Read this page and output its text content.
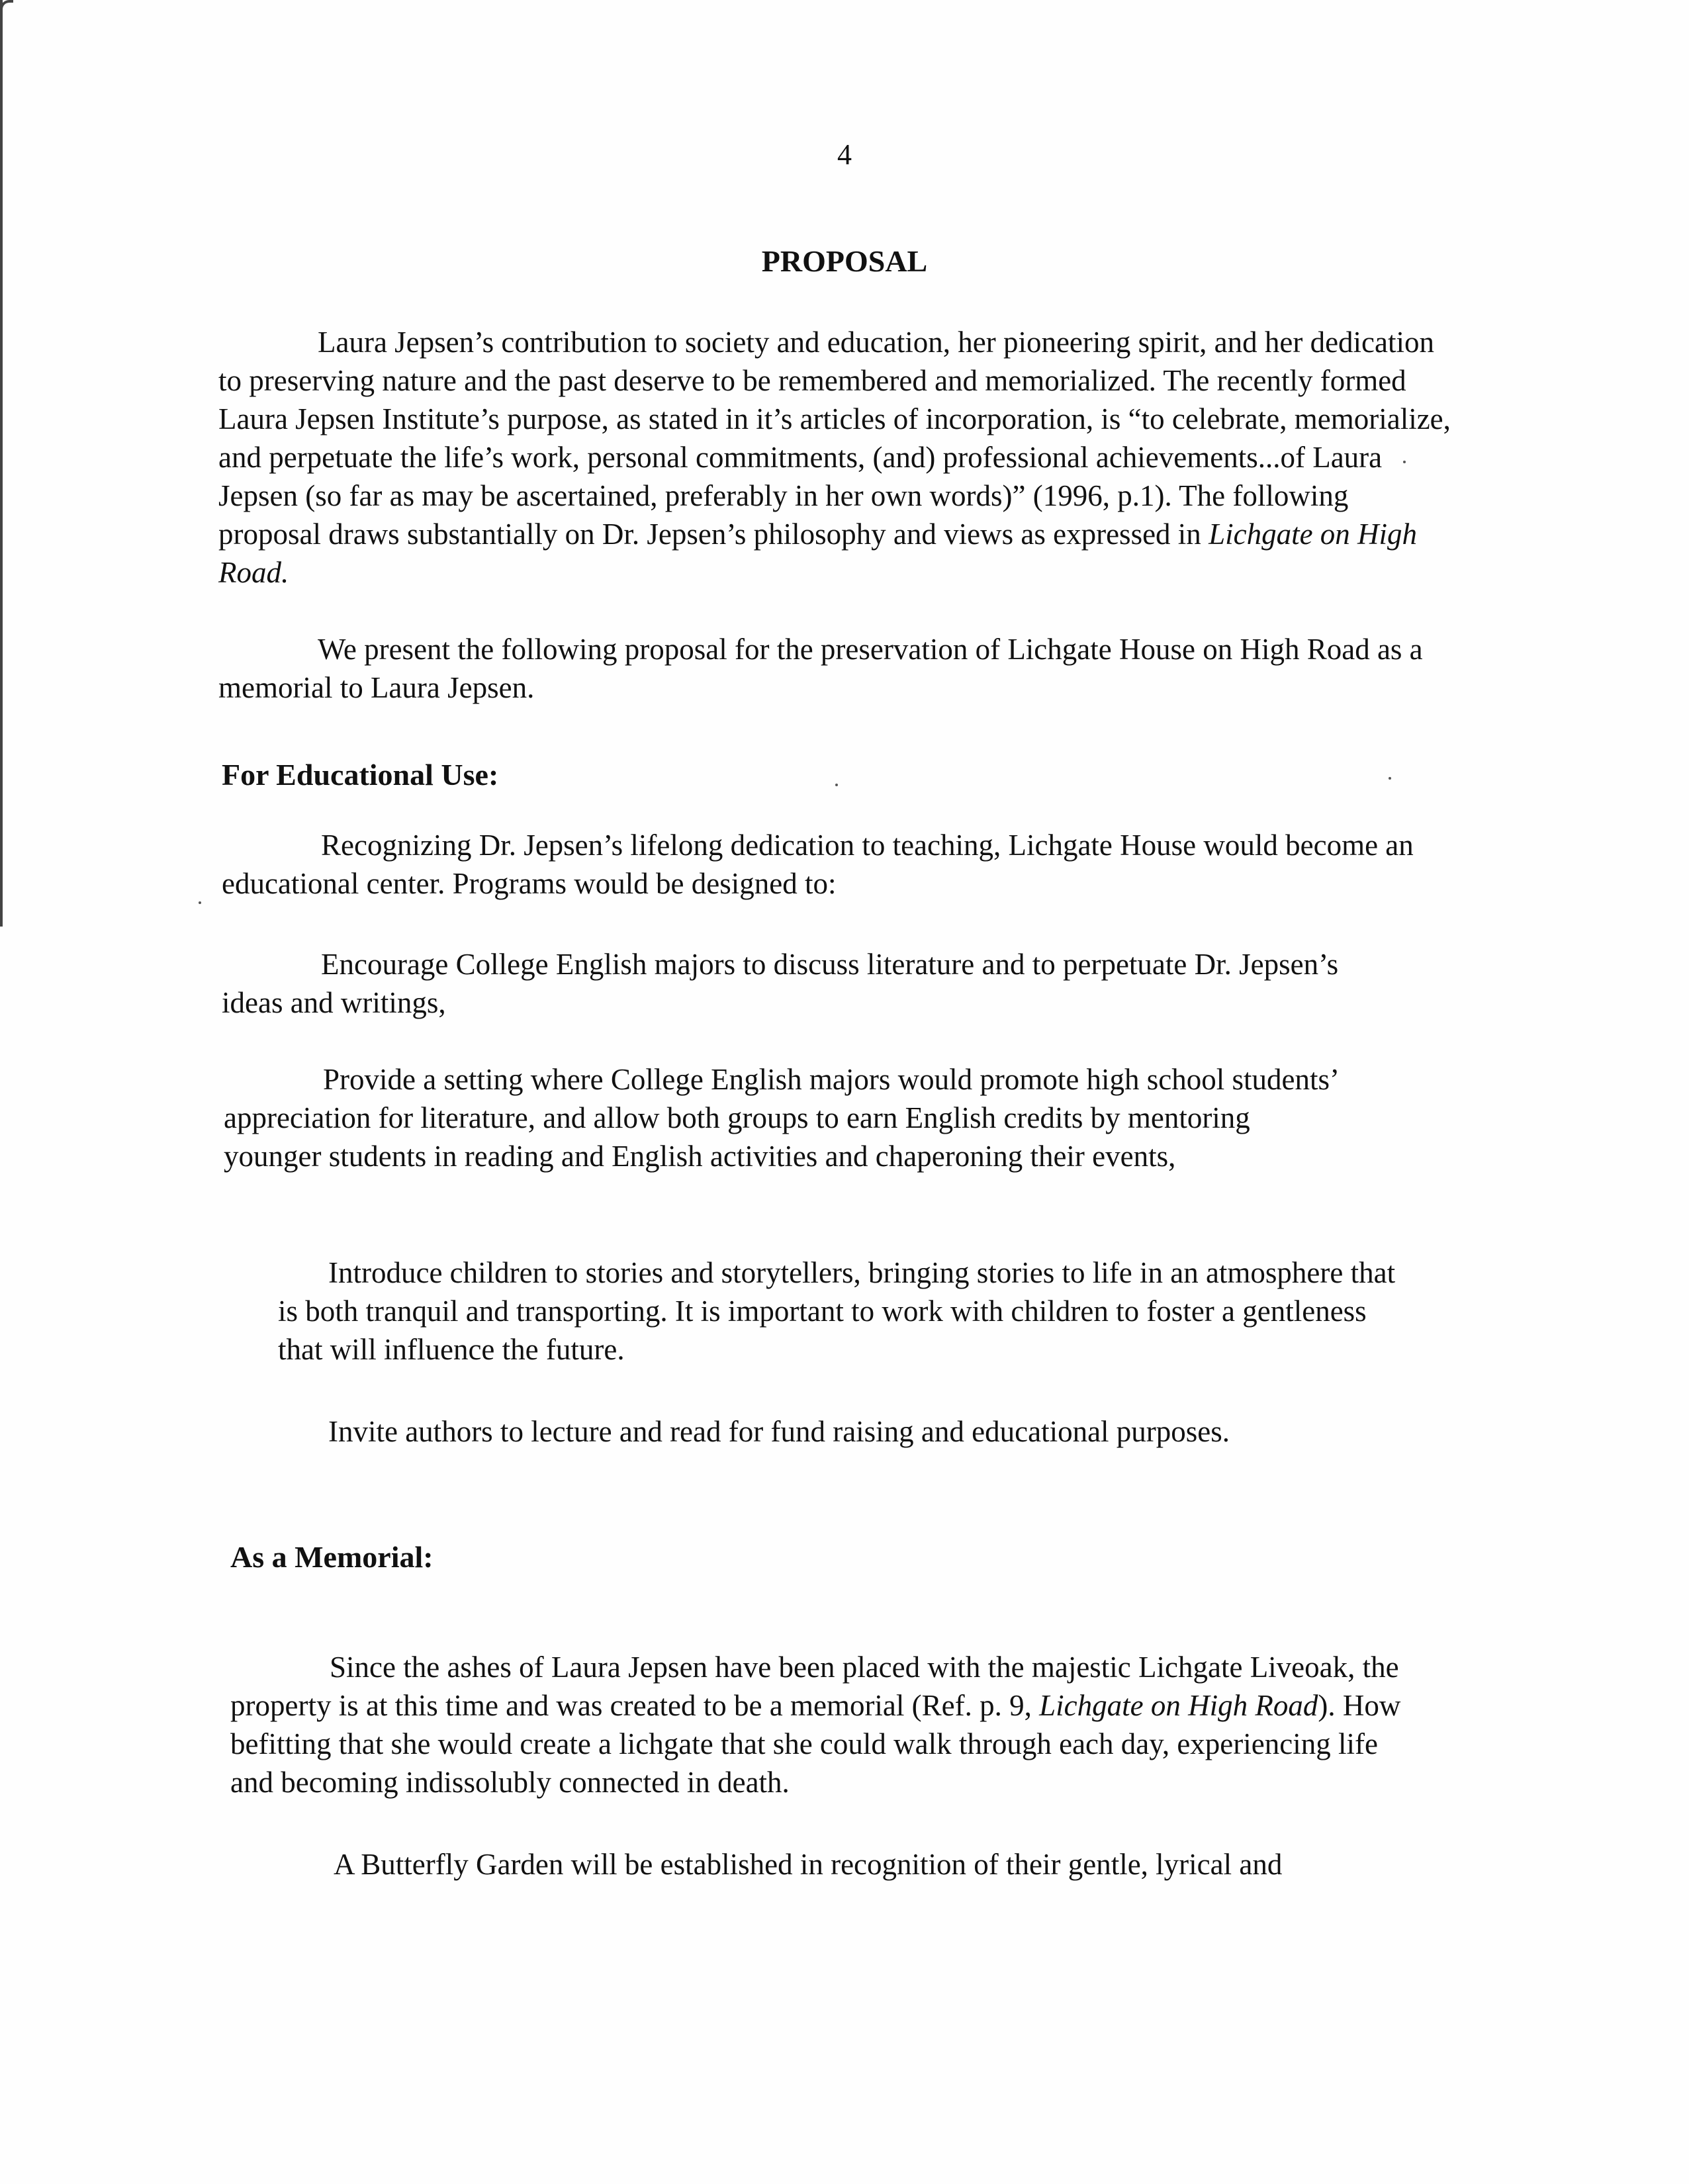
4
PROPOSAL

Laura Jepsen’s contribution to society and education, her pioneering spirit, and her dedication to preserving nature and the past deserve to be remembered and memorialized. The recently formed Laura Jepsen Institute’s purpose, as stated in it’s articles of incorporation, is “to celebrate, memorialize, and perpetuate the life’s work, personal commitments, (and) professional achievements...of Laura Jepsen (so far as may be ascertained, preferably in her own words)” (1996, p.1). The following proposal draws substantially on Dr. Jepsen’s philosophy and views as expressed in Lichgate on High Road.

We present the following proposal for the preservation of Lichgate House on High Road as a memorial to Laura Jepsen.

For Educational Use:

Recognizing Dr. Jepsen’s lifelong dedication to teaching, Lichgate House would become an educational center. Programs would be designed to:

Encourage College English majors to discuss literature and to perpetuate Dr. Jepsen’s ideas and writings,

Provide a setting where College English majors would promote high school students’ appreciation for literature, and allow both groups to earn English credits by mentoring younger students in reading and English activities and chaperoning their events,

Introduce children to stories and storytellers, bringing stories to life in an atmosphere that is both tranquil and transporting. It is important to work with children to foster a gentleness that will influence the future.

Invite authors to lecture and read for fund raising and educational purposes.

As a Memorial:

Since the ashes of Laura Jepsen have been placed with the majestic Lichgate Liveoak, the property is at this time and was created to be a memorial (Ref. p. 9, Lichgate on High Road). How befitting that she would create a lichgate that she could walk through each day, experiencing life and becoming indissolubly connected in death.

A Butterfly Garden will be established in recognition of their gentle, lyrical and
